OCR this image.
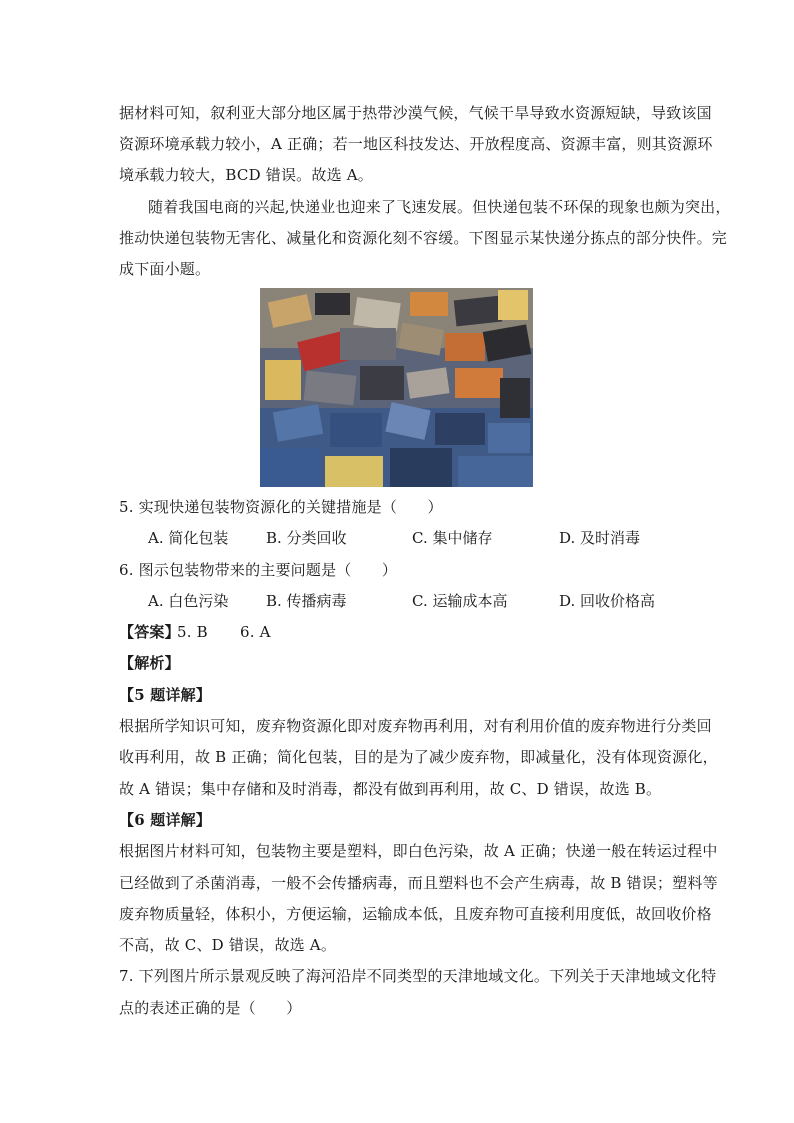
据材料可知，叙利亚大部分地区属于热带沙漠气候，气候干旱导致水资源短缺，导致该国
资源环境承载力较小，A 正确；若一地区科技发达、开放程度高、资源丰富，则其资源环
境承载力较大，BCD 错误。故选 A。
随着我国电商的兴起,快递业也迎来了飞速发展。但快递包装不环保的现象也颇为突出，
推动快递包装物无害化、减量化和资源化刻不容缓。下图显示某快递分拣点的部分快件。完
成下面小题。
5. 实现快递包装物资源化的关键措施是（　　）
A. 简化包装	B. 分类回收	C. 集中储存	D. 及时消毒
6. 图示包装物带来的主要问题是（　　）
A. 白色污染	B. 传播病毒	C. 运输成本高	D. 回收价格高
【答案】
5. B 6. A
【解析】
【5 题详解】
根据所学知识可知，废弃物资源化即对废弃物再利用，对有利用价值的废弃物进行分类回
收再利用，故 B 正确；简化包装，目的是为了减少废弃物，即减量化，没有体现资源化，
故 A 错误；集中存储和及时消毒，都没有做到再利用，故 C、D 错误，故选 B。
【6 题详解】
根据图片材料可知，包装物主要是塑料，即白色污染，故 A 正确；快递一般在转运过程中
已经做到了杀菌消毒，一般不会传播病毒，而且塑料也不会产生病毒，故 B 错误；塑料等
废弃物质量轻，体积小，方便运输，运输成本低，且废弃物可直接利用度低，故回收价格
不高，故 C、D 错误，故选 A。
7. 下列图片所示景观反映了海河沿岸不同类型的天津地域文化。下列关于天津地域文化特
点的表述正确的是（　　）
